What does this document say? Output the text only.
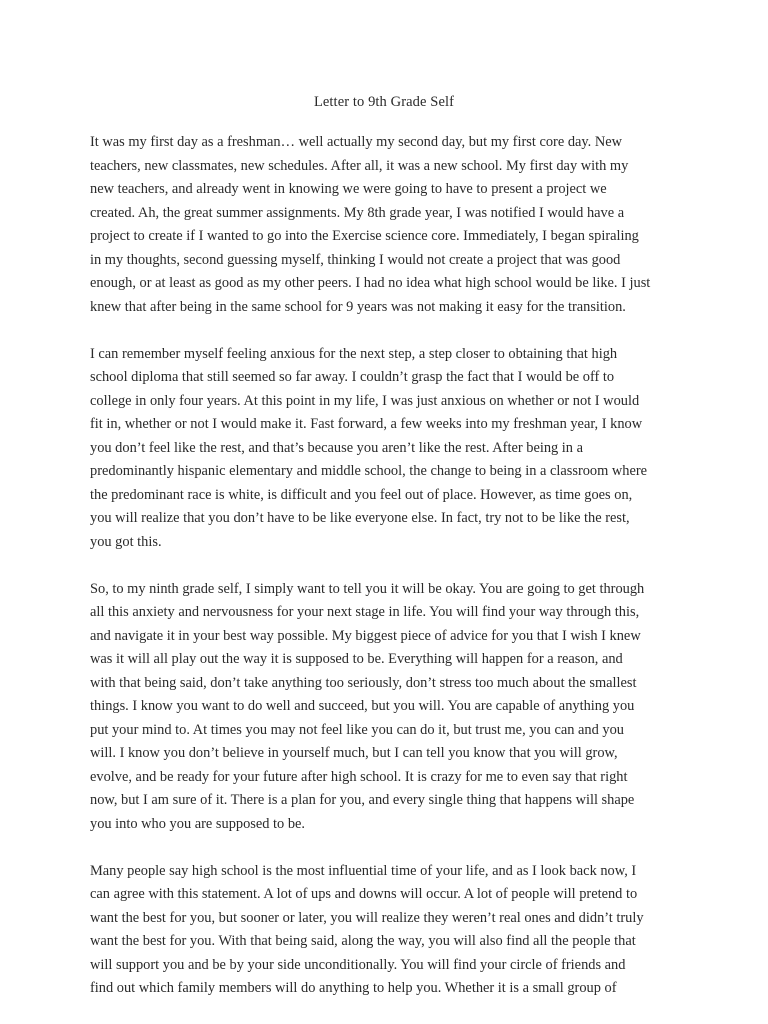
Letter to 9th Grade Self
It was my first day as a freshman… well actually my second day, but my first core day. New
teachers, new classmates, new schedules. After all, it was a new school. My first day with my
new teachers, and already went in knowing we were going to have to present a project we
created. Ah, the great summer assignments. My 8th grade year, I was notified I would have a
project to create if I wanted to go into the Exercise science core. Immediately, I began spiraling
in my thoughts, second guessing myself, thinking I would not create a project that was good
enough, or at least as good as my other peers. I had no idea what high school would be like. I just
knew that after being in the same school for 9 years was not making it easy for the transition.
I can remember myself feeling anxious for the next step, a step closer to obtaining that high
school diploma that still seemed so far away. I couldn’t grasp the fact that I would be off to
college in only four years. At this point in my life, I was just anxious on whether or not I would
fit in, whether or not I would make it. Fast forward, a few weeks into my freshman year, I know
you don’t feel like the rest, and that’s because you aren’t like the rest. After being in a
predominantly hispanic elementary and middle school, the change to being in a classroom where
the predominant race is white, is difficult and you feel out of place. However, as time goes on,
you will realize that you don’t have to be like everyone else. In fact, try not to be like the rest,
you got this.
So, to my ninth grade self, I simply want to tell you it will be okay. You are going to get through
all this anxiety and nervousness for your next stage in life. You will find your way through this,
and navigate it in your best way possible. My biggest piece of advice for you that I wish I knew
was it will all play out the way it is supposed to be. Everything will happen for a reason, and
with that being said, don’t take anything too seriously, don’t stress too much about the smallest
things. I know you want to do well and succeed, but you will. You are capable of anything you
put your mind to. At times you may not feel like you can do it, but trust me, you can and you
will. I know you don’t believe in yourself much, but I can tell you know that you will grow,
evolve, and be ready for your future after high school. It is crazy for me to even say that right
now, but I am sure of it. There is a plan for you, and every single thing that happens will shape
you into who you are supposed to be.
Many people say high school is the most influential time of your life, and as I look back now, I
can agree with this statement. A lot of ups and downs will occur. A lot of people will pretend to
want the best for you, but sooner or later, you will realize they weren’t real ones and didn’t truly
want the best for you. With that being said, along the way, you will also find all the people that
will support you and be by your side unconditionally. You will find your circle of friends and
find out which family members will do anything to help you. Whether it is a small group of
